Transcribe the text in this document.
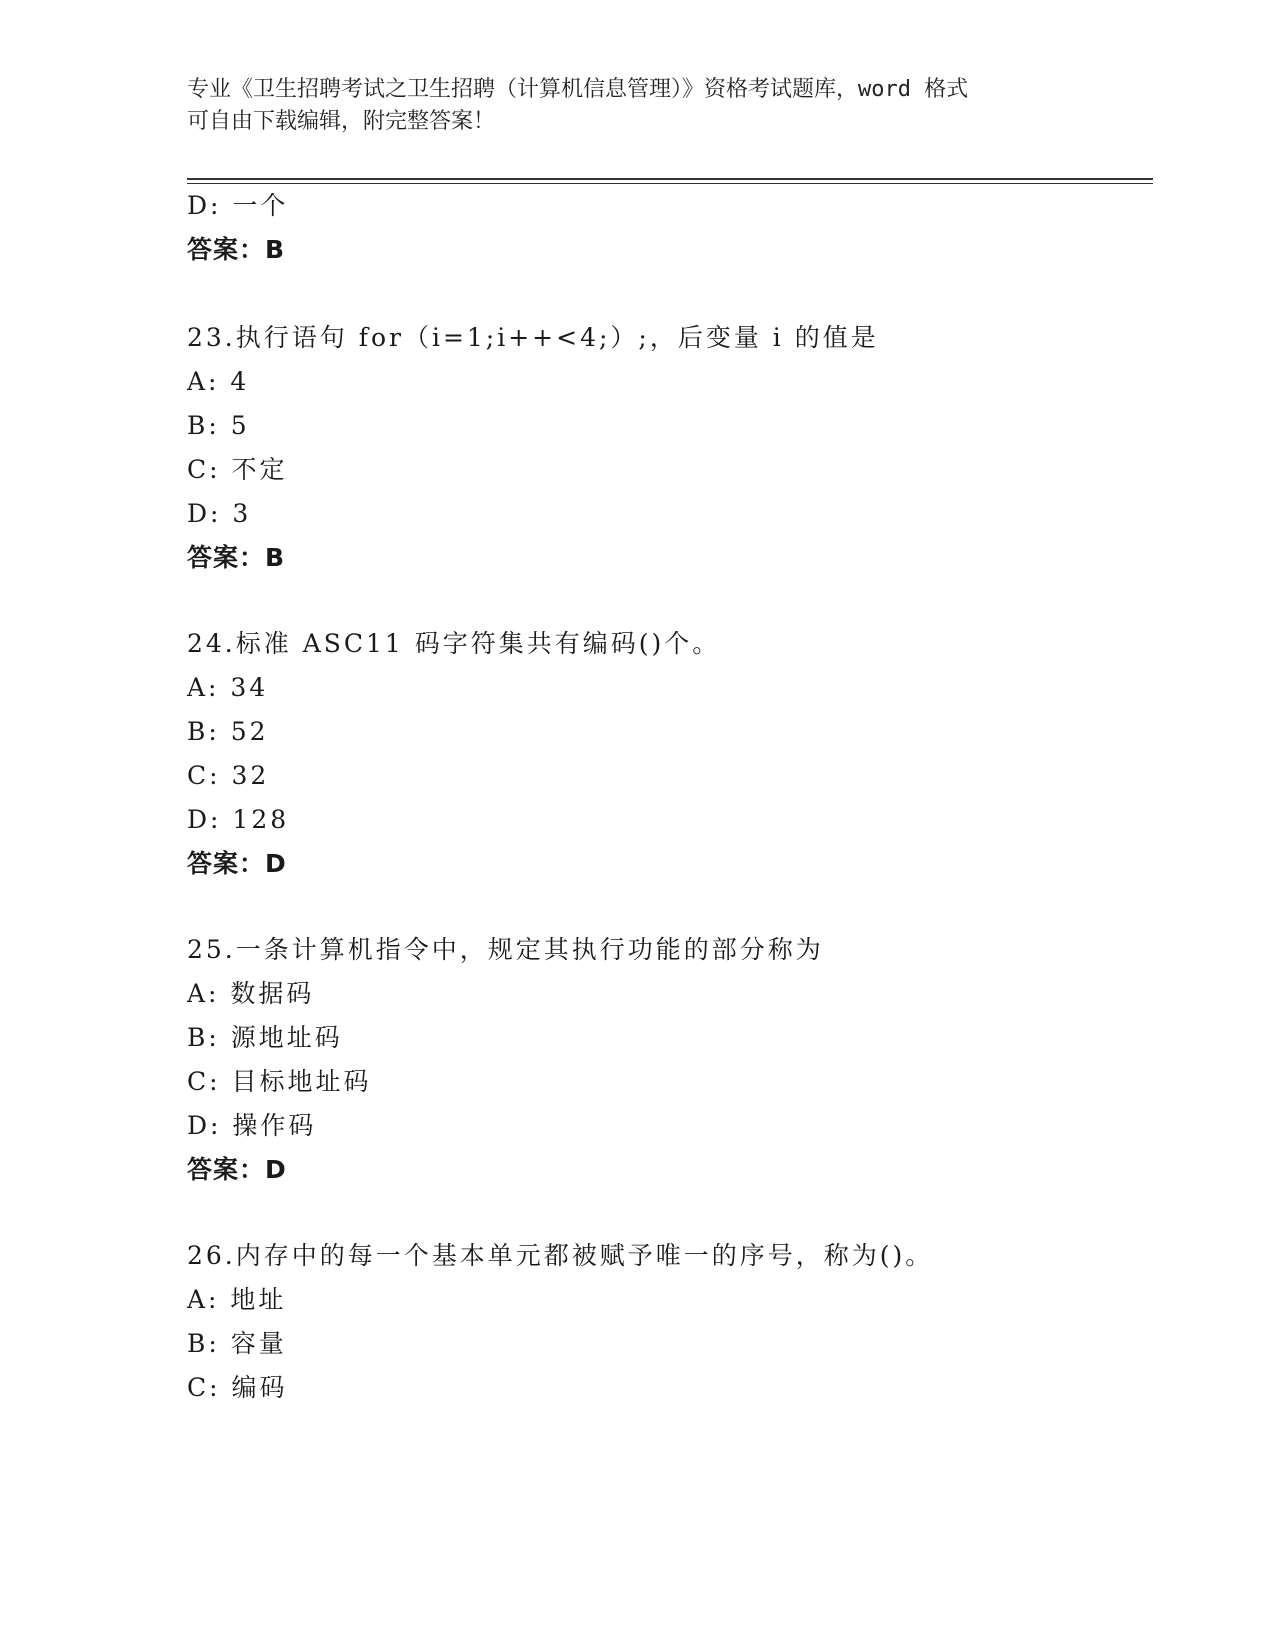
专业《卫生招聘考试之卫生招聘（计算机信息管理）》资格考试题库，word 格式
可自由下载编辑，附完整答案！
D: 一个
答案：B
23.执行语句 for（i=1;i++<4;）;，后变量 i 的值是
A: 4
B: 5
C: 不定
D: 3
答案：B
24.标准 ASC11 码字符集共有编码()个。
A: 34
B: 52
C: 32
D: 128
答案：D
25.一条计算机指令中，规定其执行功能的部分称为
A: 数据码
B: 源地址码
C: 目标地址码
D: 操作码
答案：D
26.内存中的每一个基本单元都被赋予唯一的序号，称为()。
A: 地址
B: 容量
C: 编码
